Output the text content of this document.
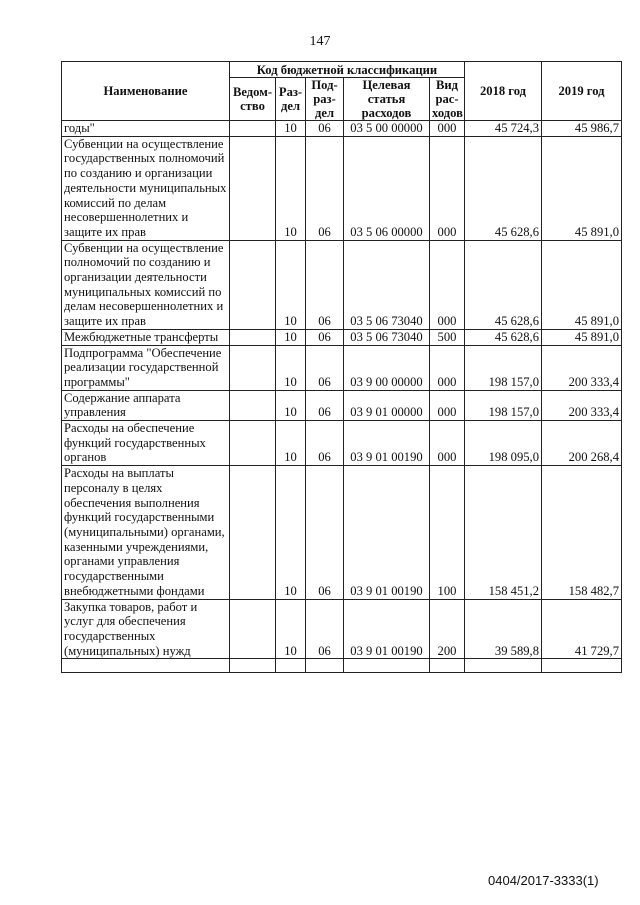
147
Наименование	Код бюджетной классификации					2018 год	2019 год
	Ведом-ство	Раз-дел	Под-раз-дел	Целевая статья расходов	Вид рас-ходов		
годы"		10	06	03 5 00 00000	000	45 724,3	45 986,7
Субвенции на осуществление государственных полномочий по созданию и организации деятельности муниципальных комиссий по делам несовершеннолетних и защите их прав		10	06	03 5 06 00000	000	45 628,6	45 891,0
Субвенции на осуществление полномочий по созданию и организации деятельности муниципальных комиссий по делам несовершеннолетних и защите их прав		10	06	03 5 06 73040	000	45 628,6	45 891,0
Межбюджетные трансферты		10	06	03 5 06 73040	500	45 628,6	45 891,0
Подпрограмма "Обеспечение реализации государственной программы"		10	06	03 9 00 00000	000	198 157,0	200 333,4
Содержание аппарата управления		10	06	03 9 01 00000	000	198 157,0	200 333,4
Расходы на обеспечение функций государственных органов		10	06	03 9 01 00190	000	198 095,0	200 268,4
Расходы на выплаты персоналу в целях обеспечения выполнения функций государственными (муниципальными) органами, казенными учреждениями, органами управления государственными внебюджетными фондами		10	06	03 9 01 00190	100	158 451,2	158 482,7
Закупка товаров, работ и услуг для обеспечения государственных (муниципальных) нужд		10	06	03 9 01 00190	200	39 589,8	41 729,7

0404/2017-3333(1)
